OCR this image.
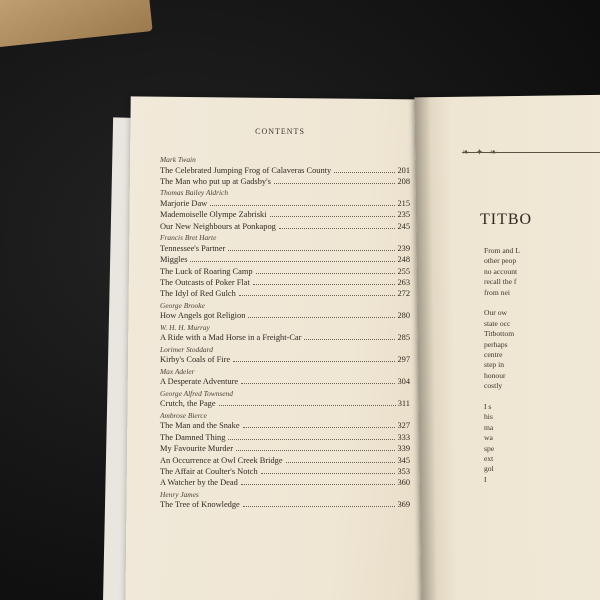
CONTENTS
Mark Twain
The Celebrated Jumping Frog of Calaveras County	201
The Man who put up at Gadsby's	208
Thomas Bailey Aldrich
Marjorie Daw	215
Mademoiselle Olympe Zabriski	235
Our New Neighbours at Ponkapog	245
Francis Bret Harte
Tennessee's Partner	239
Miggles	248
The Luck of Roaring Camp	255
The Outcasts of Poker Flat	263
The Idyl of Red Gulch	272
George Brooke
How Angels got Religion	280
W. H. H. Murray
A Ride with a Mad Horse in a Freight-Car	285
Lorimer Stoddard
Kirby's Coals of Fire	297
Max Adeler
A Desperate Adventure	304
George Alfred Townsend
Crutch, the Page	311
Ambrose Bierce
The Man and the Snake	327
The Damned Thing	333
My Favourite Murder	339
An Occurrence at Owl Creek Bridge	345
The Affair at Coulter's Notch	353
A Watcher by the Dead	360
Henry James
The Tree of Knowledge	369
❧ ✦ ❧
TITBO
From and L
other peop
no account
recall the f
from nei
Our ow
state occ
Titbottom
perhaps
centre
step in
honour
costly
I s
his
ma
wa
spe
ext
gol
I
